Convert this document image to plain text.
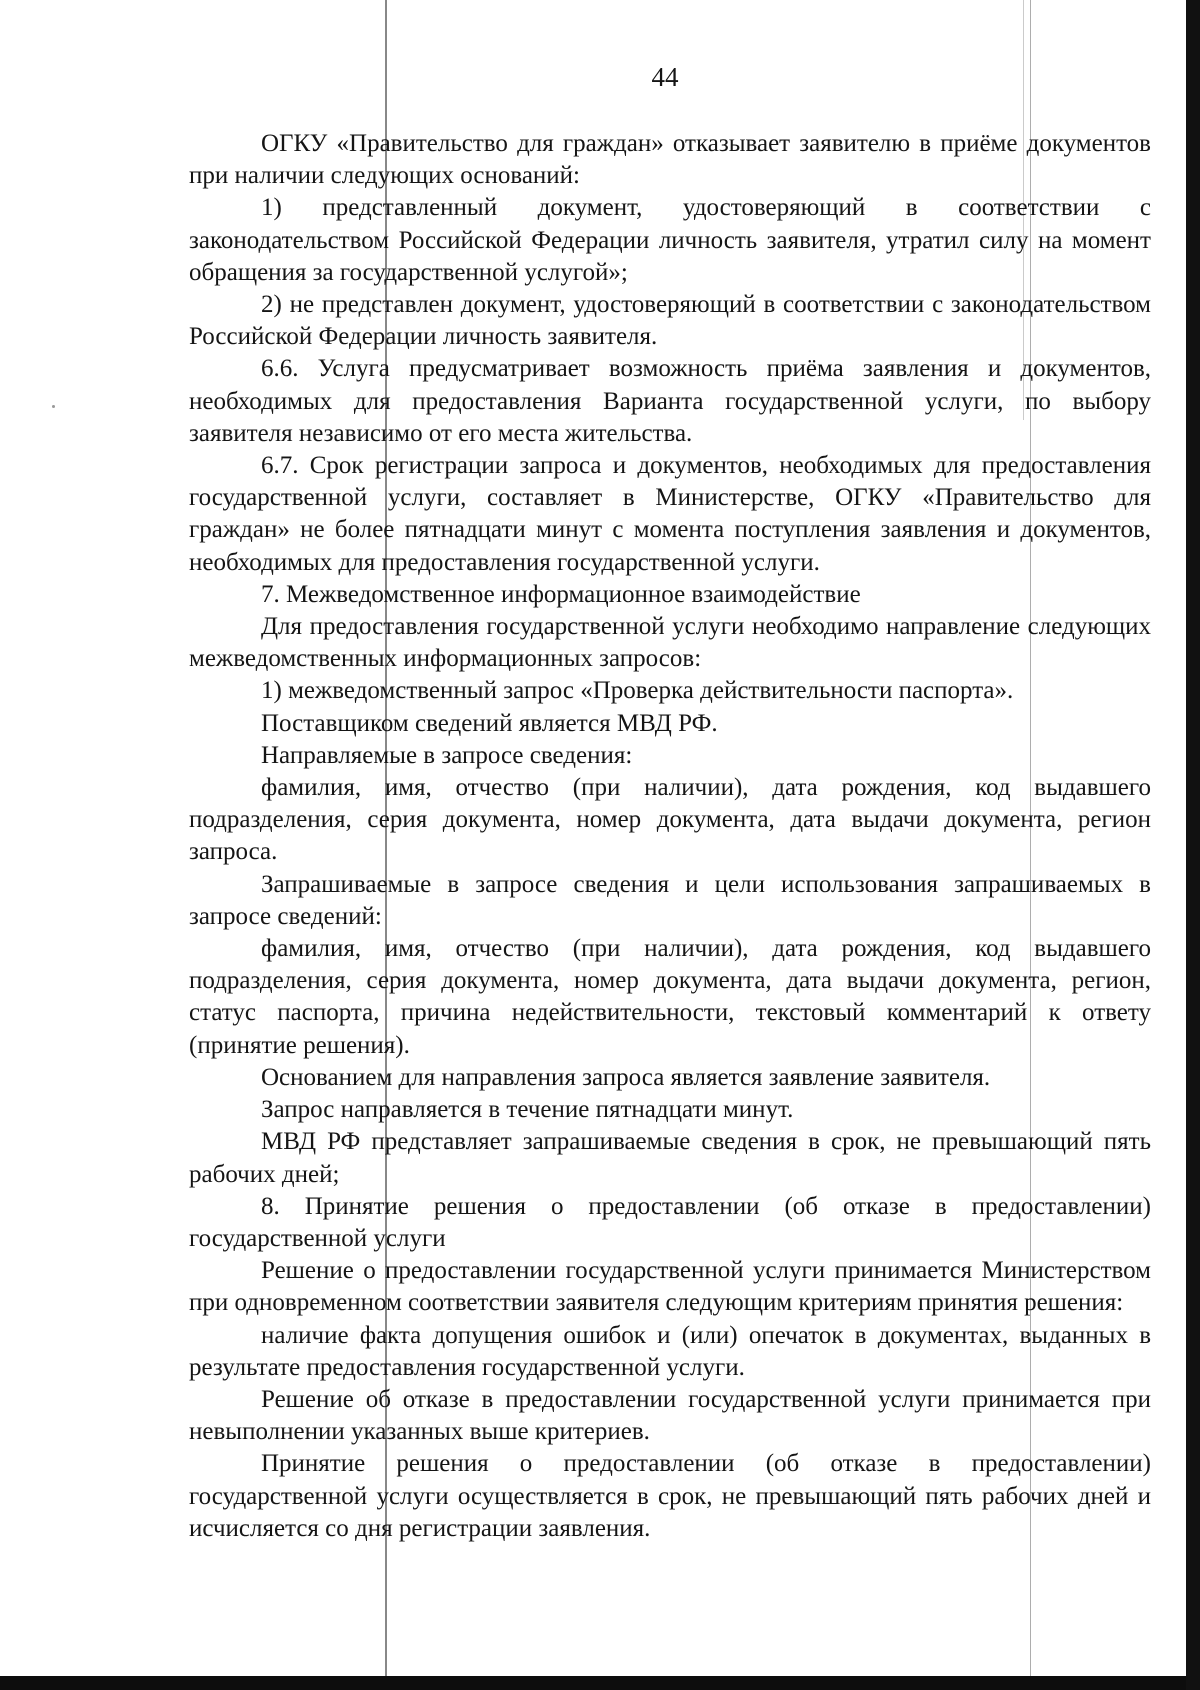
44

ОГКУ «Правительство для граждан» отказывает заявителю в приёме документов при наличии следующих оснований:

1) представленный документ, удостоверяющий в соответствии с законодательством Российской Федерации личность заявителя, утратил силу на момент обращения за государственной услугой»;

2) не представлен документ, удостоверяющий в соответствии с законодательством Российской Федерации личность заявителя.

6.6. Услуга предусматривает возможность приёма заявления и документов, необходимых для предоставления Варианта государственной услуги, по выбору заявителя независимо от его места жительства.

6.7. Срок регистрации запроса и документов, необходимых для предоставления государственной услуги, составляет в Министерстве, ОГКУ «Правительство для граждан» не более пятнадцати минут с момента поступления заявления и документов, необходимых для предоставления государственной услуги.

7. Межведомственное информационное взаимодействие

Для предоставления государственной услуги необходимо направление следующих межведомственных информационных запросов:

1) межведомственный запрос «Проверка действительности паспорта».

Поставщиком сведений является МВД РФ.

Направляемые в запросе сведения:

фамилия, имя, отчество (при наличии), дата рождения, код выдавшего подразделения, серия документа, номер документа, дата выдачи документа, регион запроса.

Запрашиваемые в запросе сведения и цели использования запрашиваемых в запросе сведений:

фамилия, имя, отчество (при наличии), дата рождения, код выдавшего подразделения, серия документа, номер документа, дата выдачи документа, регион, статус паспорта, причина недействительности, текстовый комментарий к ответу (принятие решения).

Основанием для направления запроса является заявление заявителя.

Запрос направляется в течение пятнадцати минут.

МВД РФ представляет запрашиваемые сведения в срок, не превышающий пять рабочих дней;

8. Принятие решения о предоставлении (об отказе в предоставлении) государственной услуги

Решение о предоставлении государственной услуги принимается Министерством при одновременном соответствии заявителя следующим критериям принятия решения:

наличие факта допущения ошибок и (или) опечаток в документах, выданных в результате предоставления государственной услуги.

Решение об отказе в предоставлении государственной услуги принимается при невыполнении указанных выше критериев.

Принятие решения о предоставлении (об отказе в предоставлении) государственной услуги осуществляется в срок, не превышающий пять рабочих дней и исчисляется со дня регистрации заявления.
